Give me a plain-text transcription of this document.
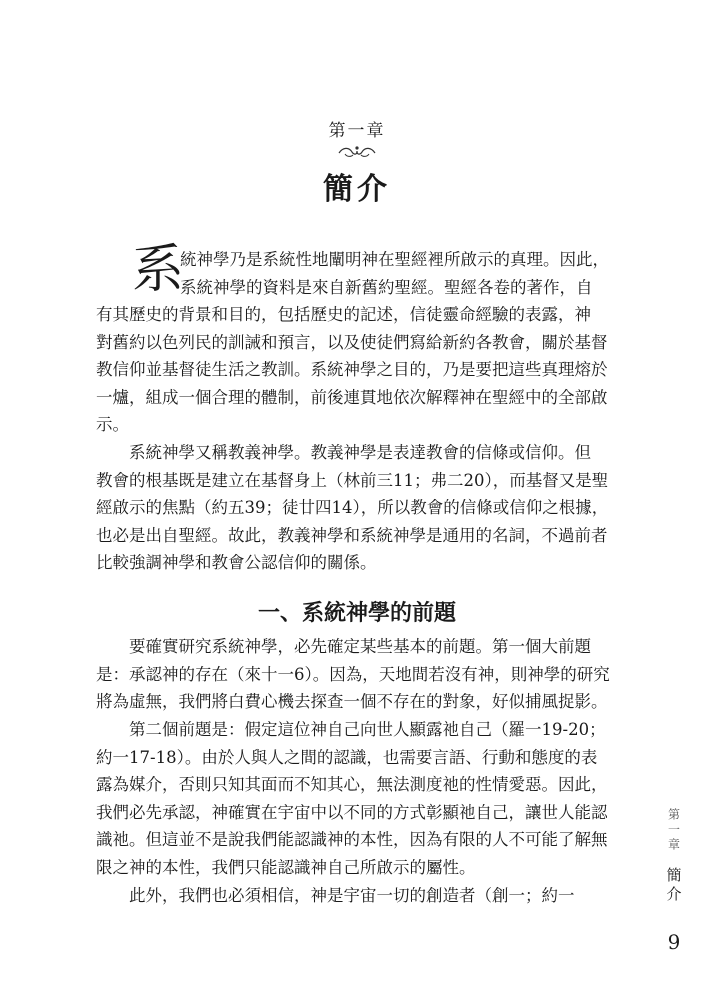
第一章
簡介
系
統神學乃是系統性地闡明神在聖經裡所啟示的真理。因此，
系統神學的資料是來自新舊約聖經。聖經各卷的著作，自
有其歷史的背景和目的，包括歷史的記述，信徒靈命經驗的表露，神
對舊約以色列民的訓誡和預言，以及使徒們寫給新約各教會，關於基督
教信仰並基督徒生活之教訓。系統神學之目的，乃是要把這些真理熔於
一爐，組成一個合理的體制，前後連貫地依次解釋神在聖經中的全部啟
示。
系統神學又稱教義神學。教義神學是表達教會的信條或信仰。但
教會的根基既是建立在基督身上（林前三11；弗二20），而基督又是聖
經啟示的焦點（約五39；徒廿四14），所以教會的信條或信仰之根據，
也必是出自聖經。故此，教義神學和系統神學是通用的名詞，不過前者
比較強調神學和教會公認信仰的關係。
一、系統神學的前題
要確實研究系統神學，必先確定某些基本的前題。第一個大前題
是：承認神的存在（來十一6）。因為，天地間若沒有神，則神學的研究
將為虛無，我們將白費心機去探查一個不存在的對象，好似捕風捉影。
第二個前題是：假定這位神自己向世人顯露祂自己（羅一19-20；
約一17-18）。由於人與人之間的認識，也需要言語、行動和態度的表
露為媒介，否則只知其面而不知其心，無法測度祂的性情愛惡。因此，
我們必先承認，神確實在宇宙中以不同的方式彰顯祂自己，讓世人能認
識祂。但這並不是說我們能認識神的本性，因為有限的人不可能了解無
限之神的本性，我們只能認識神自己所啟示的屬性。
此外，我們也必須相信，神是宇宙一切的創造者（創一；約一
第一章
簡介
9
